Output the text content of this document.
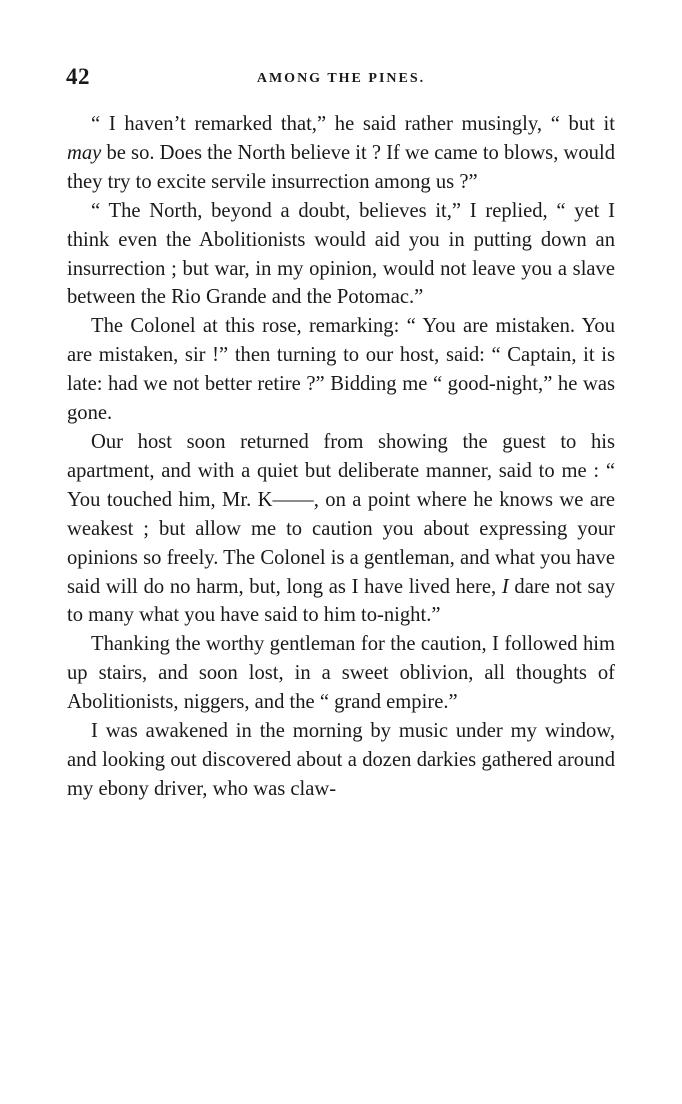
42	AMONG THE PINES.

“ I haven’t remarked that,” he said rather musingly, “ but it may be so. Does the North believe it ? If we came to blows, would they try to excite servile insurrection among us ?”

“ The North, beyond a doubt, believes it,” I replied, “ yet I think even the Abolitionists would aid you in putting down an insurrection ; but war, in my opinion, would not leave you a slave between the Rio Grande and the Potomac.”

The Colonel at this rose, remarking: “ You are mistaken. You are mistaken, sir !” then turning to our host, said: “ Captain, it is late: had we not better retire ?” Bidding me “ good-night,” he was gone.

Our host soon returned from showing the guest to his apartment, and with a quiet but deliberate manner, said to me : “ You touched him, Mr. K——, on a point where he knows we are weakest ; but allow me to caution you about expressing your opinions so freely. The Colonel is a gentleman, and what you have said will do no harm, but, long as I have lived here, I dare not say to many what you have said to him to-night.”

Thanking the worthy gentleman for the caution, I followed him up stairs, and soon lost, in a sweet oblivion, all thoughts of Abolitionists, niggers, and the “ grand empire.”

I was awakened in the morning by music under my window, and looking out discovered about a dozen darkies gathered around my ebony driver, who was claw-
